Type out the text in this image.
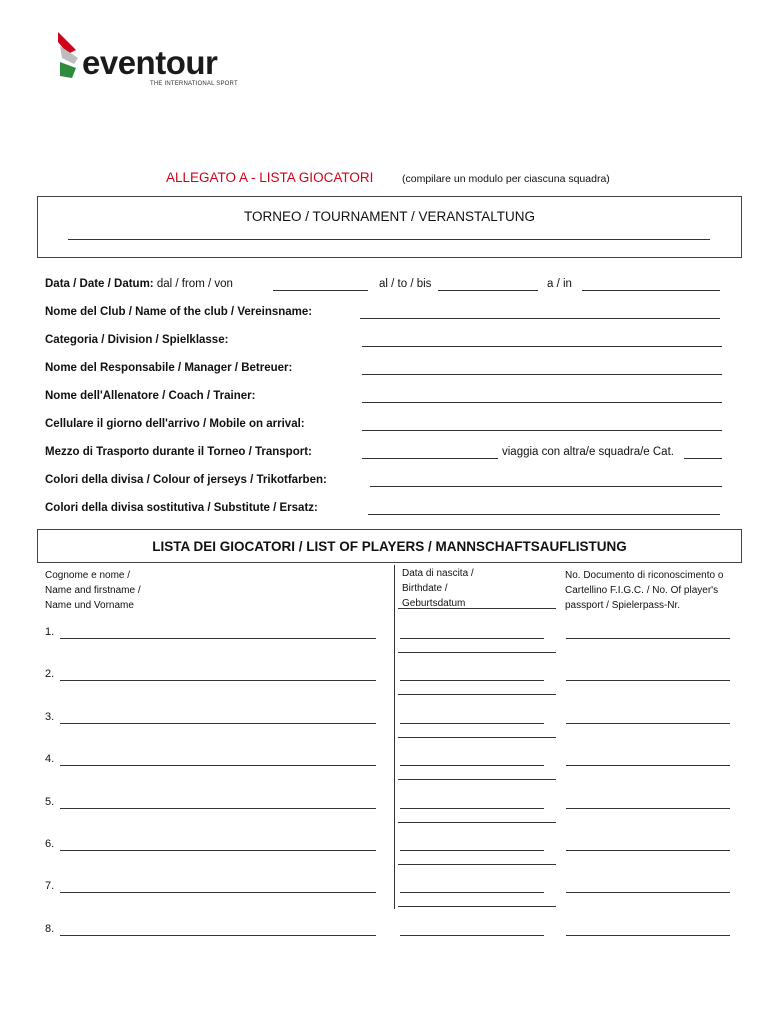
eventour
THE INTERNATIONAL SPORT
ALLEGATO A - LISTA GIOCATORI	(compilare un modulo per ciascuna squadra)
TORNEO / TOURNAMENT / VERANSTALTUNG
Data / Date / Datum: dal / from / von	al / to / bis	a / in
Nome del Club / Name of the club / Vereinsname:
Categoria / Division / Spielklasse:
Nome del Responsabile / Manager / Betreuer:
Nome dell'Allenatore / Coach / Trainer:
Cellulare il giorno dell'arrivo / Mobile on arrival:
Mezzo di Trasporto durante il Torneo / Transport:	viaggia con altra/e squadra/e Cat.
Colori della divisa / Colour of jerseys / Trikotfarben:
Colori della divisa sostitutiva / Substitute / Ersatz:
LISTA DEI GIOCATORI / LIST OF PLAYERS / MANNSCHAFTSAUFLISTUNG
Cognome e nome /
Name and firstname /
Name und Vorname
Data di nascita /
Birthdate /
Geburtsdatum
No. Documento di riconoscimento o
Cartellino F.I.G.C. / No. Of player's
passport / Spielerpass-Nr.
1.
2.
3.
4.
5.
6.
7.
8.
